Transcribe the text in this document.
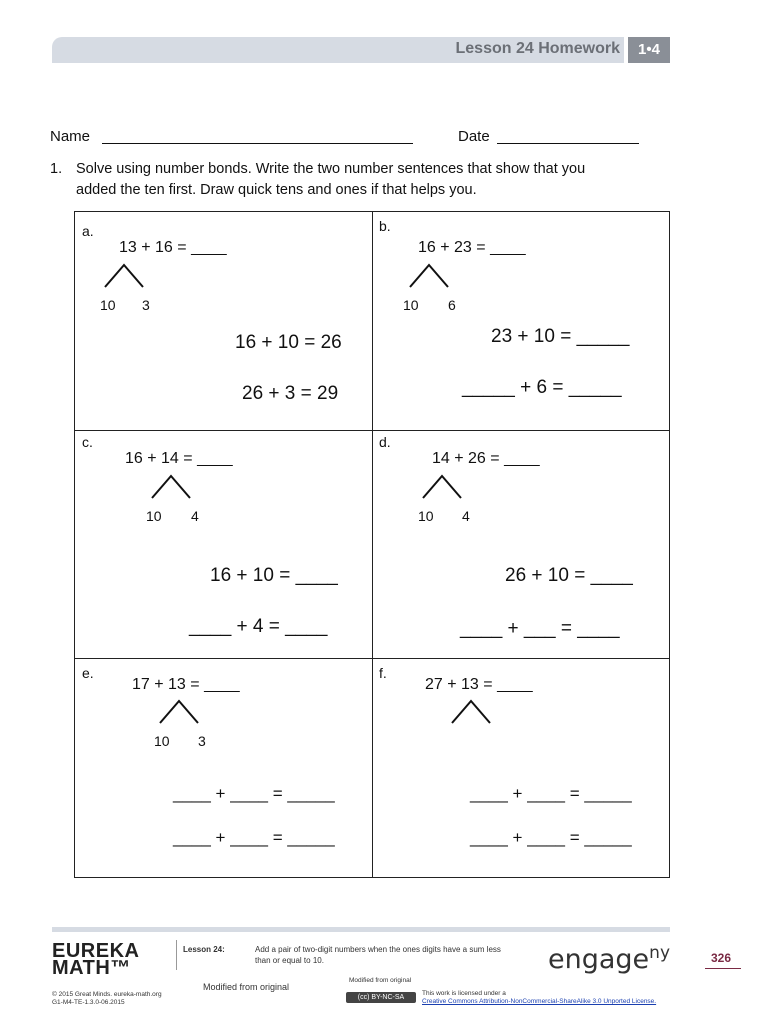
Lesson 24 Homework	1•4
Name	Date
1. Solve using number bonds. Write the two number sentences that show that you
added the ten first. Draw quick tens and ones if that helps you.
a.
13 + 16 = ____
10 3
16 + 10 = 26
26 + 3 = 29
b.
16 + 23 = ____
10 6
23 + 10 = _____
_____ + 6 = _____
c.
16 + 14 = ____
10 4
16 + 10 = ____
____ + 4 = ____
d.
14 + 26 = ____
10 4
26 + 10 = ____
____ + ___ = ____
e.
17 + 13 = ____
10 3
____ + ____ = _____
____ + ____ = _____
f.
27 + 13 = ____
____ + ____ = _____
____ + ____ = _____
EUREKA
MATH™
Lesson 24:	Add a pair of two-digit numbers when the ones digits have a sum less
than or equal to 10.
Modified from original
Modified from original
© 2015 Great Minds. eureka-math.org
G1-M4-TE-1.3.0-06.2015
(cc) BY-NC-SA
This work is licensed under a
Creative Commons Attribution-NonCommercial-ShareAlike 3.0 Unported License.
engage$^{ny}$	326
